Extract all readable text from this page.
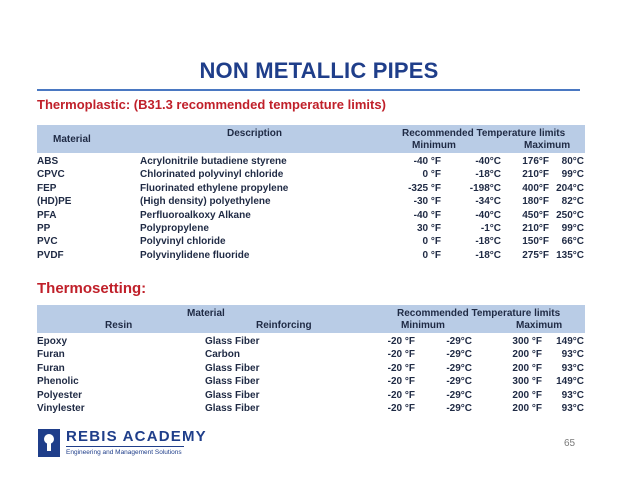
NON METALLIC PIPES
Thermoplastic: (B31.3 recommended temperature limits)
Material
Description	Recommended Temperature limits
Minimum	Maximum
ABS	Acrylonitrile butadiene styrene	-40 °F	-40°C	176°F	80°C
CPVC	Chlorinated polyvinyl chloride	0 °F	-18°C	210°F	99°C
FEP	Fluorinated ethylene propylene	-325 °F	-198°C	400°F 204°C
(HD)PE	(High density) polyethylene	-30 °F	-34°C	180°F	82°C
PFA	Perfluoroalkoxy Alkane	-40 °F	-40°C	450°F 250°C
PP	Polypropylene	30 °F	-1°C	210°F	99°C
PVC	Polyvinyl chloride	0 °F	-18°C	150°F	66°C
PVDF	Polyvinylidene fluoride	0 °F	-18°C	275°F 135°C
Thermosetting:
Material	Recommended Temperature limits
Resin	Reinforcing	Minimum	Maximum
Epoxy	Glass Fiber	-20 °F	-29°C	300 °F	149°C
Furan	Carbon	-20 °F	-29°C	200 °F	93°C
Furan	Glass Fiber	-20 °F	-29°C	200 °F	93°C
Phenolic	Glass Fiber	-20 °F	-29°C	300 °F	149°C
Polyester	Glass Fiber	-20 °F	-29°C	200 °F	93°C
Vinylester	Glass Fiber	-20 °F	-29°C	200 °F	93°C
REBIS ACADEMY
Engineering and Management Solutions
65
